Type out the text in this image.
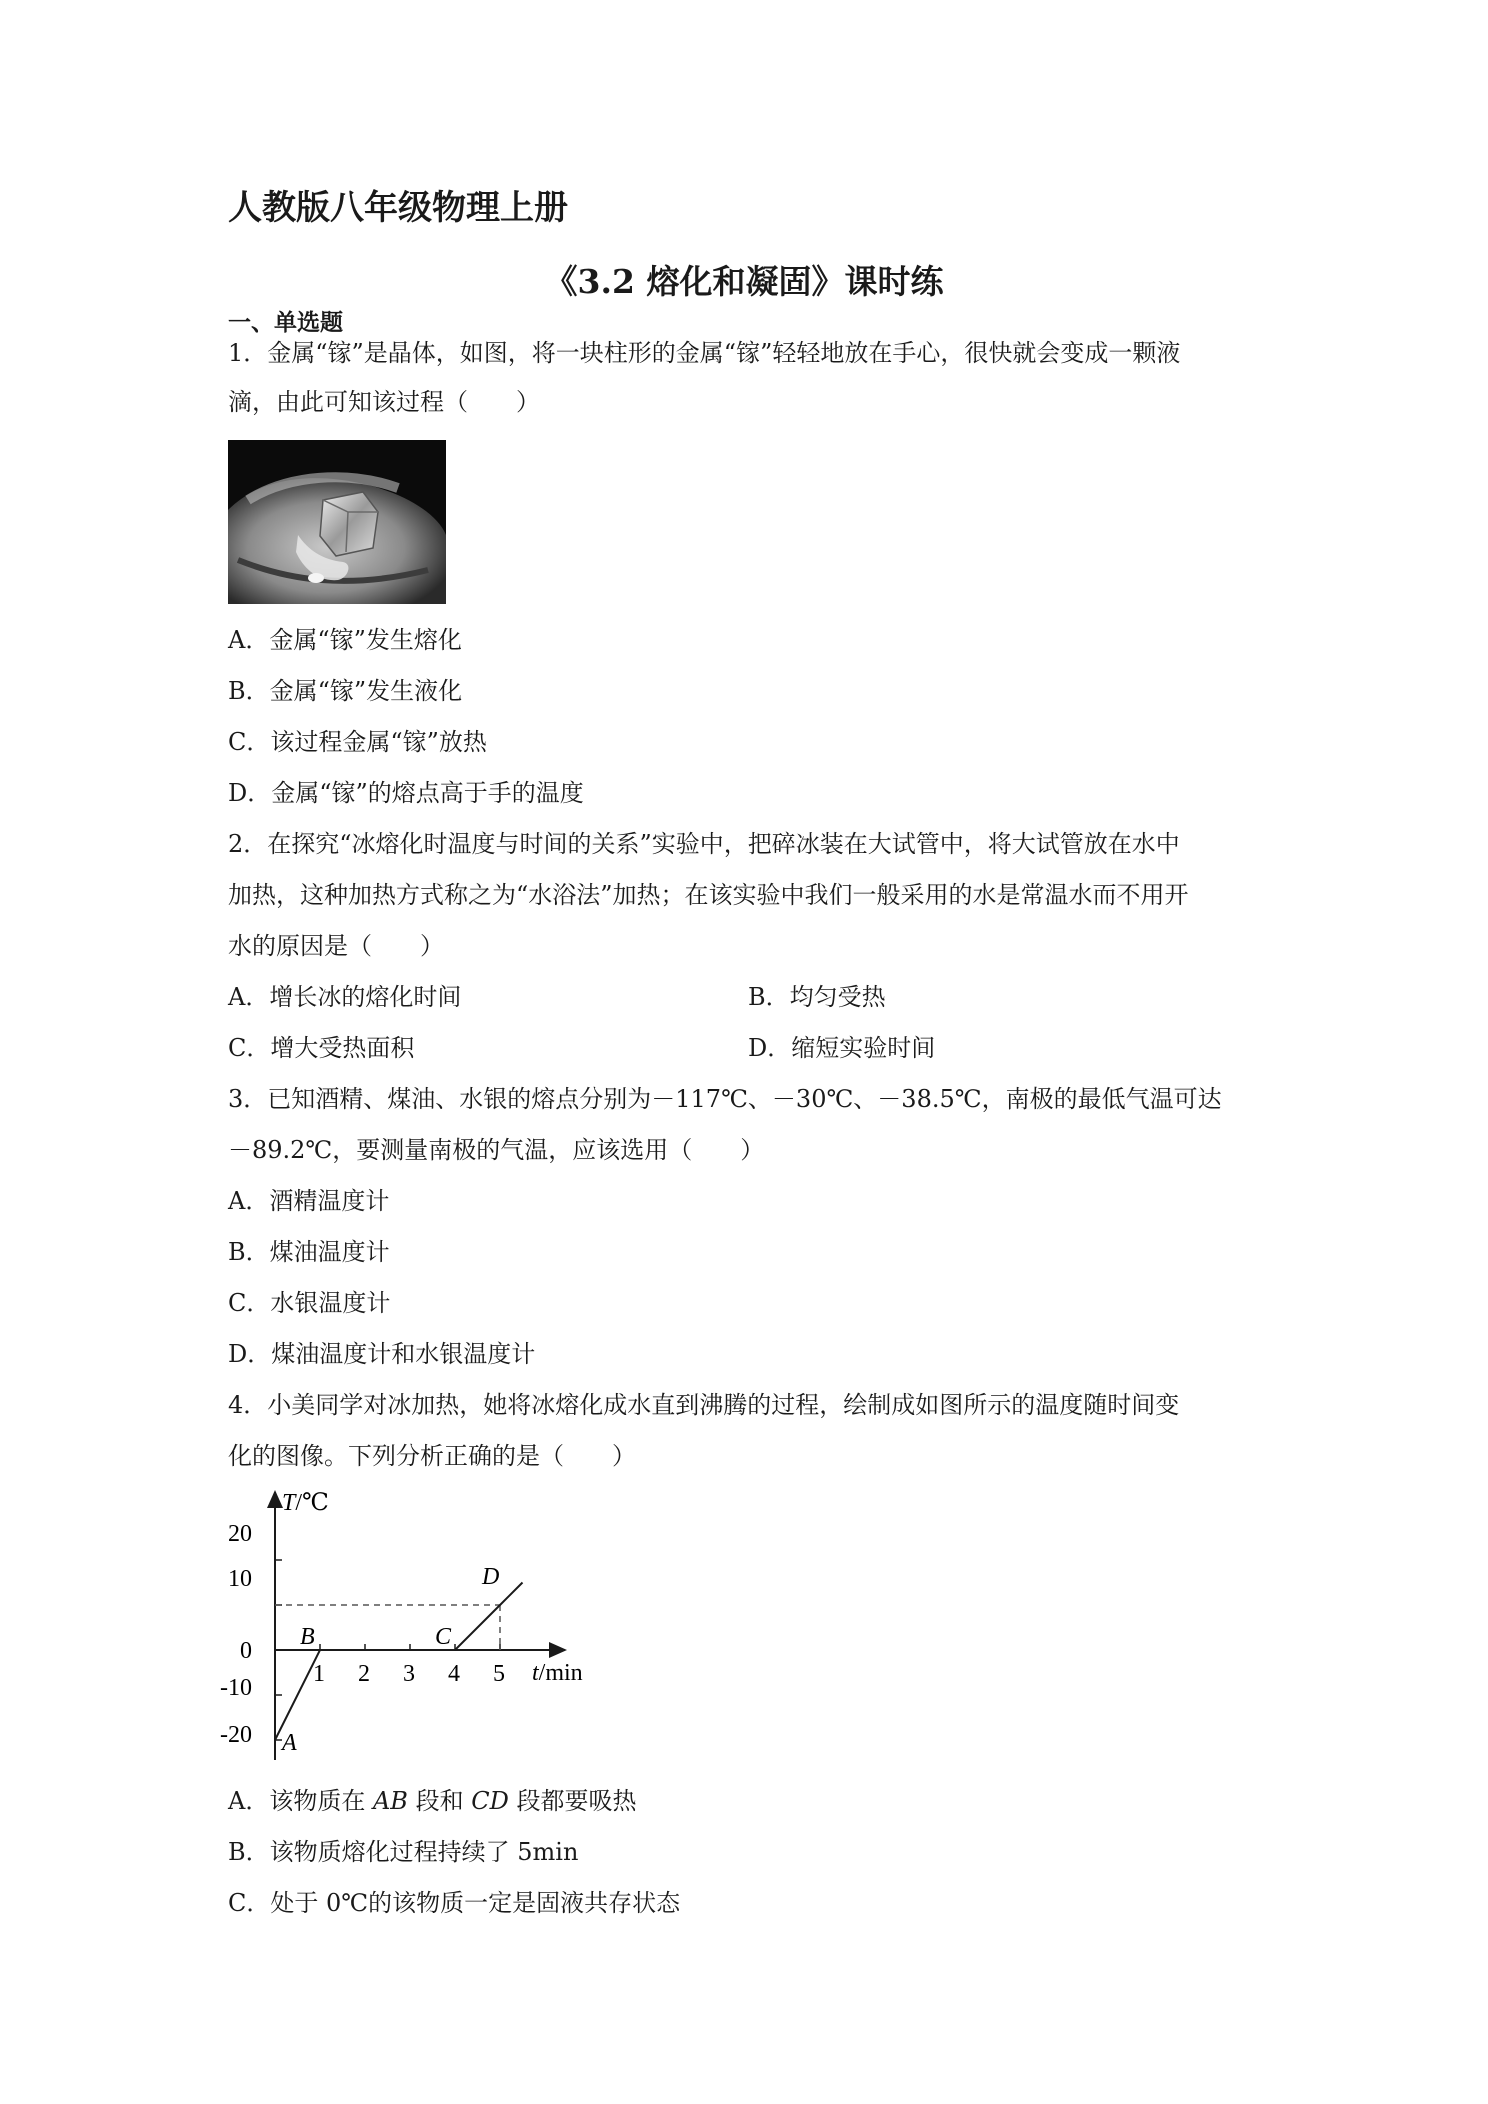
人教版八年级物理上册
《3.2 熔化和凝固》课时练
一、单选题
1．金属“镓”是晶体，如图，将一块柱形的金属“镓”轻轻地放在手心，很快就会变成一颗液
滴，由此可知该过程（　　）
A．金属“镓”发生熔化
B．金属“镓”发生液化
C．该过程金属“镓”放热
D．金属“镓”的熔点高于手的温度
2．在探究“冰熔化时温度与时间的关系”实验中，把碎冰装在大试管中，将大试管放在水中
加热，这种加热方式称之为“水浴法”加热；在该实验中我们一般采用的水是常温水而不用开
水的原因是（　　）
A．增长冰的熔化时间	B．均匀受热
C．增大受热面积	D．缩短实验时间
3．已知酒精、煤油、水银的熔点分别为－117℃、－30℃、－38.5℃，南极的最低气温可达
－89.2℃，要测量南极的气温，应该选用（　　）
A．酒精温度计
B．煤油温度计
C．水银温度计
D．煤油温度计和水银温度计
4．小美同学对冰加热，她将冰熔化成水直到沸腾的过程，绘制成如图所示的温度随时间变
化的图像。下列分析正确的是（　　）
T/℃
t/min
20
10
0
-10
-20
1 2 3 4 5
A
B	C
D
A．该物质在 AB 段和 CD 段都要吸热
B．该物质熔化过程持续了 5min
C．处于 0℃的该物质一定是固液共存状态
